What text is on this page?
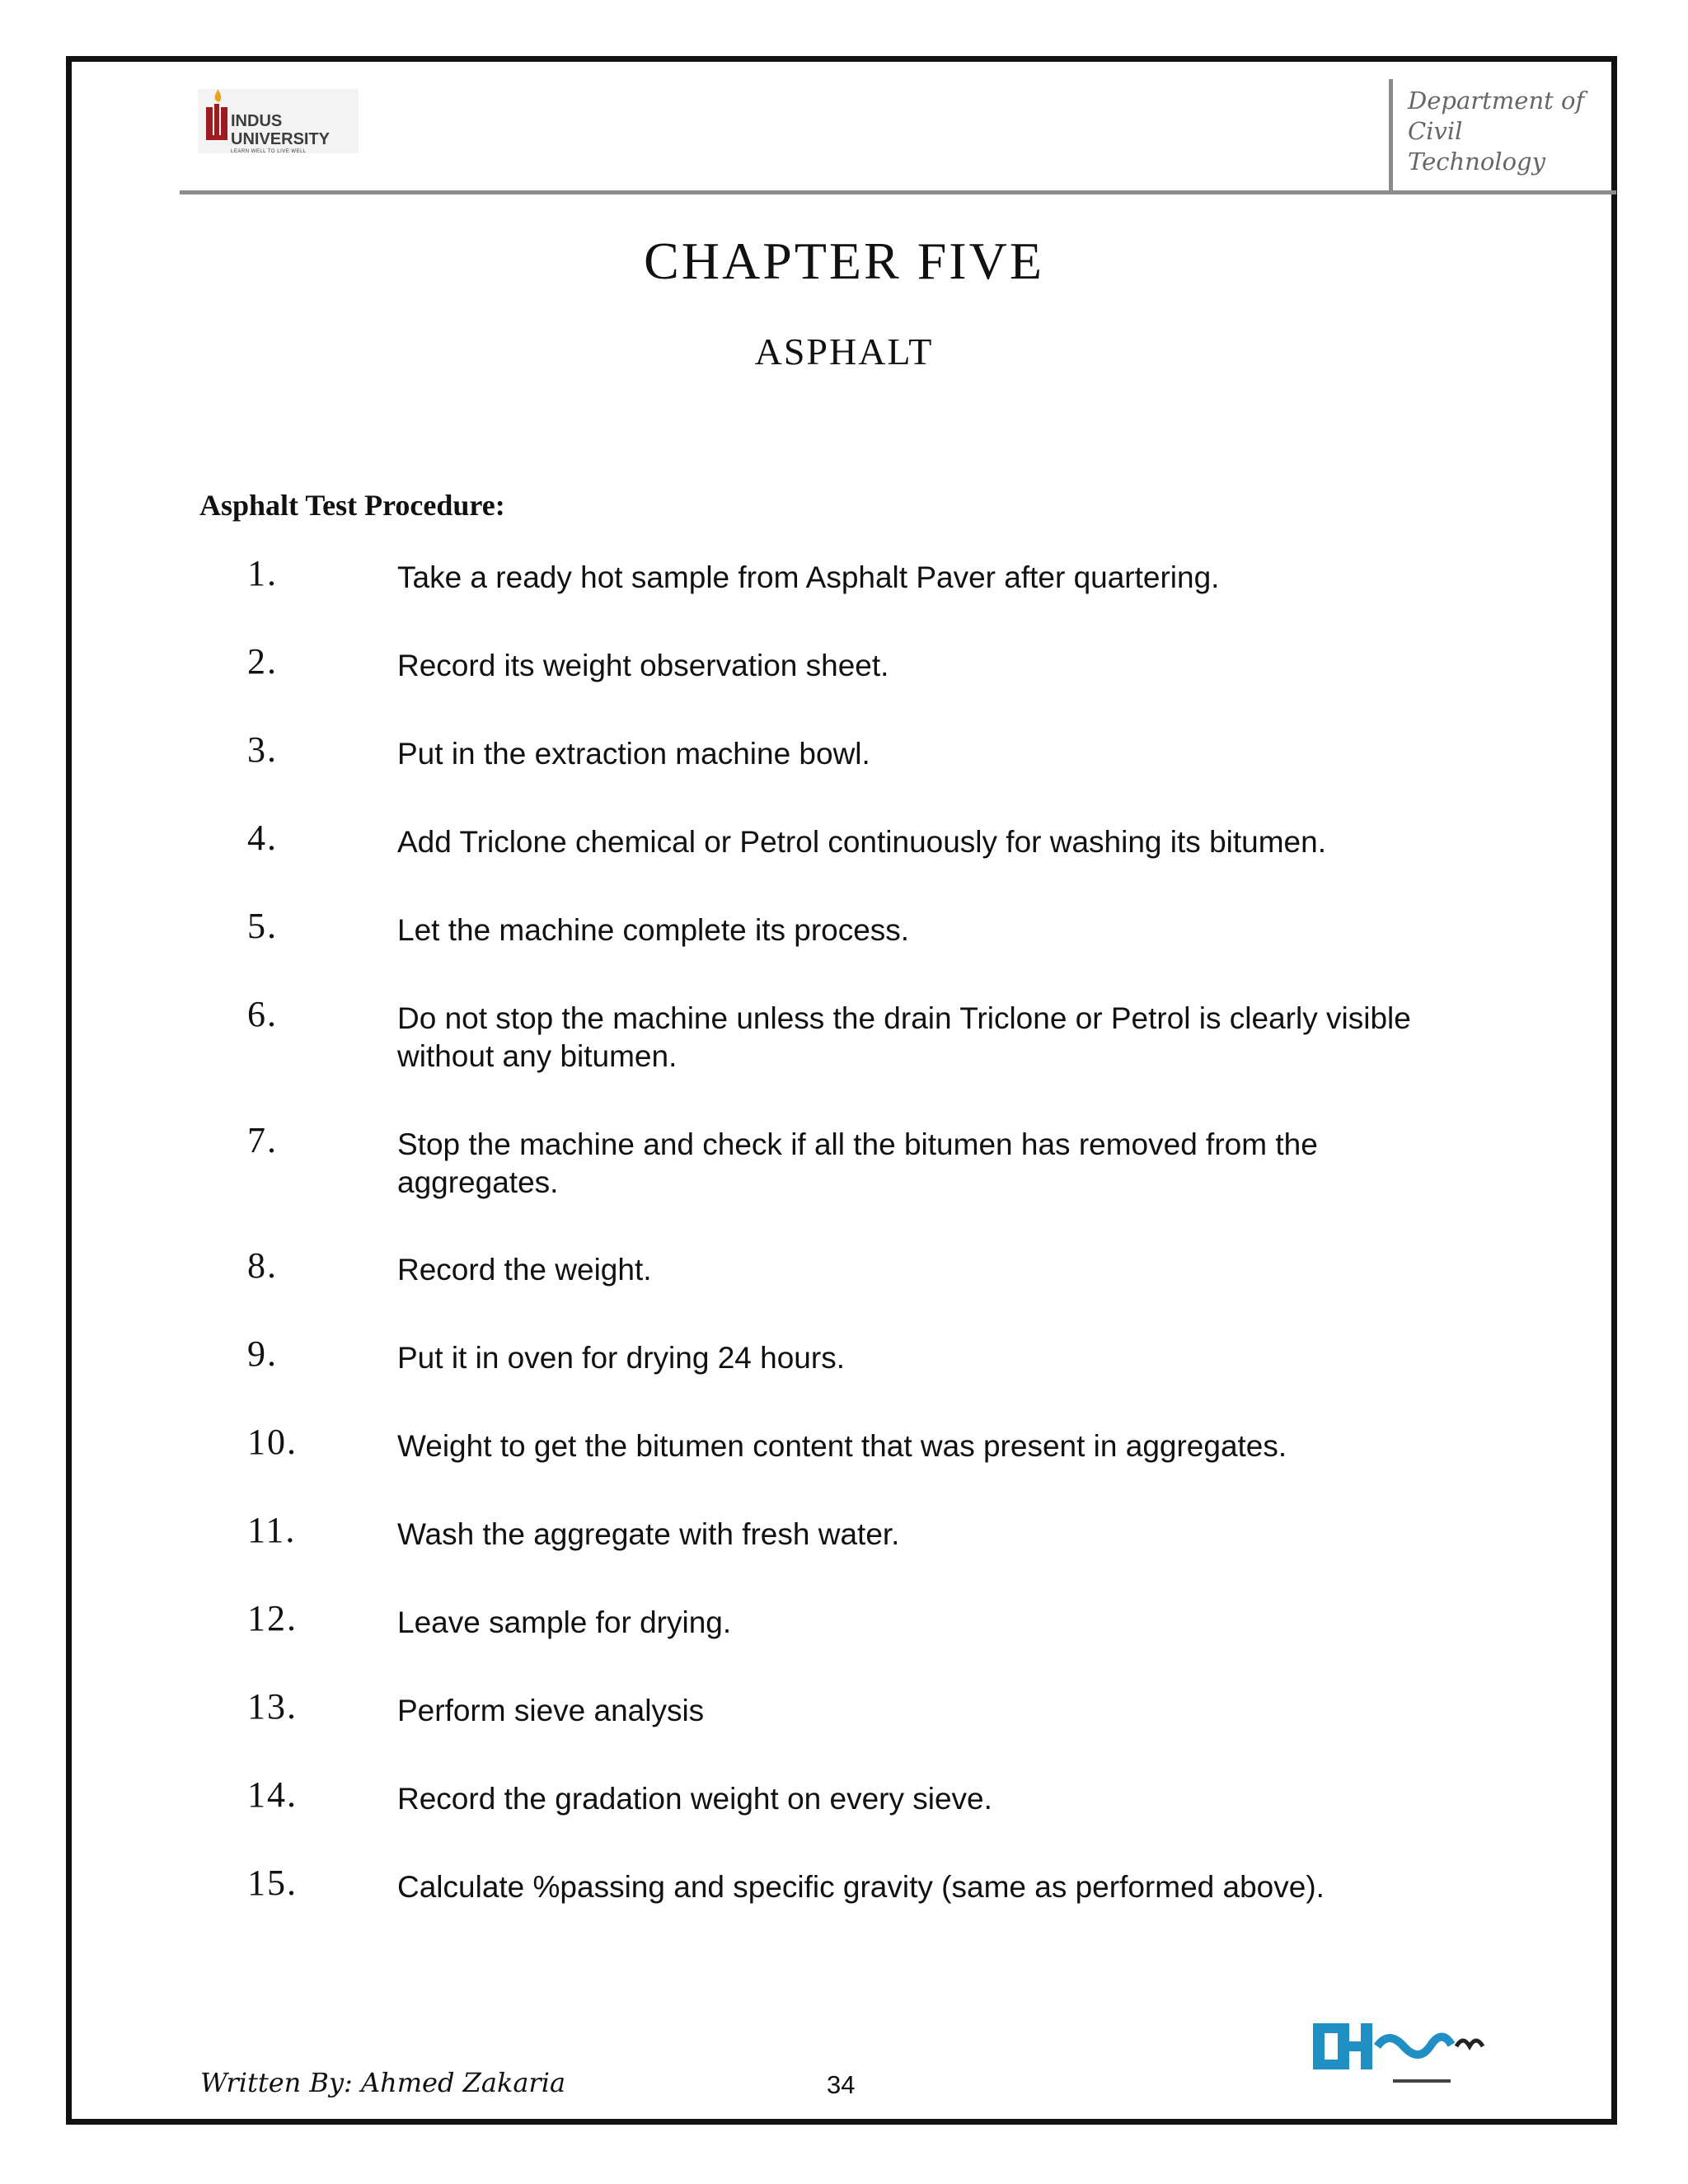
INDUS
UNIVERSITY
LEARN WELL TO LIVE WELL
Department of
Civil
Technology
CHAPTER FIVE
ASPHALT
Asphalt Test Procedure:
1.	Take a ready hot sample from Asphalt Paver after quartering.
2.	Record its weight observation sheet.
3.	Put in the extraction machine bowl.
4.	Add Triclone chemical or Petrol continuously for washing its bitumen.
5.	Let the machine complete its process.
6.	Do not stop the machine unless the drain Triclone or Petrol is clearly visible without any bitumen.
7.	Stop the machine and check if all the bitumen has removed from the aggregates.
8.	Record the weight.
9.	Put it in oven for drying 24 hours.
10.	Weight to get the bitumen content that was present in aggregates.
11.	Wash the aggregate with fresh water.
12.	Leave sample for drying.
13.	Perform sieve analysis
14.	Record the gradation weight on every sieve.
15.	Calculate %passing and specific gravity (same as performed above).
Written By: Ahmed Zakaria	34
